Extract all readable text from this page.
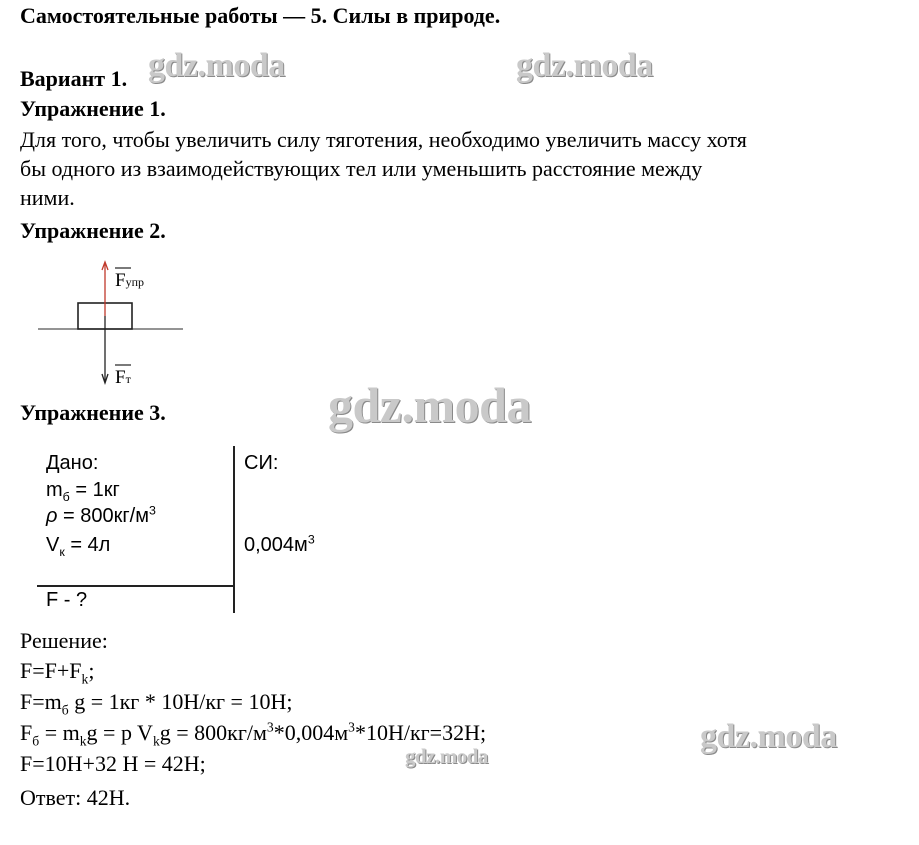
Самостоятельные работы — 5. Силы в природе.
Вариант 1. gdz.moda	gdz.moda
gdz.moda
gdz.moda
gdz.moda
Упражнение 1.
Для того, чтобы увеличить силу тяготения, необходимо увеличить массу хотя
бы одного из взаимодействующих тел или уменьшить расстояние между
ними.
Упражнение 2.
Fупр
Fт
Упражнение 3.
Дано:	СИ:
$m_б = 1кг$
$\rho = 800кг/м^3$
$V_к = 4л$	$0,004м^3$
F - ?
Решение:
$F=F+F_k$;
$F=m_б$ g = 1кг * 10Н/кг = 10Н;
$F_б = m_kg = p$ $V_kg = 800кг/м^3*0,004м^3*10Н/кг=32Н$;
F=10Н+32 Н = 42Н;
Ответ: 42Н.
